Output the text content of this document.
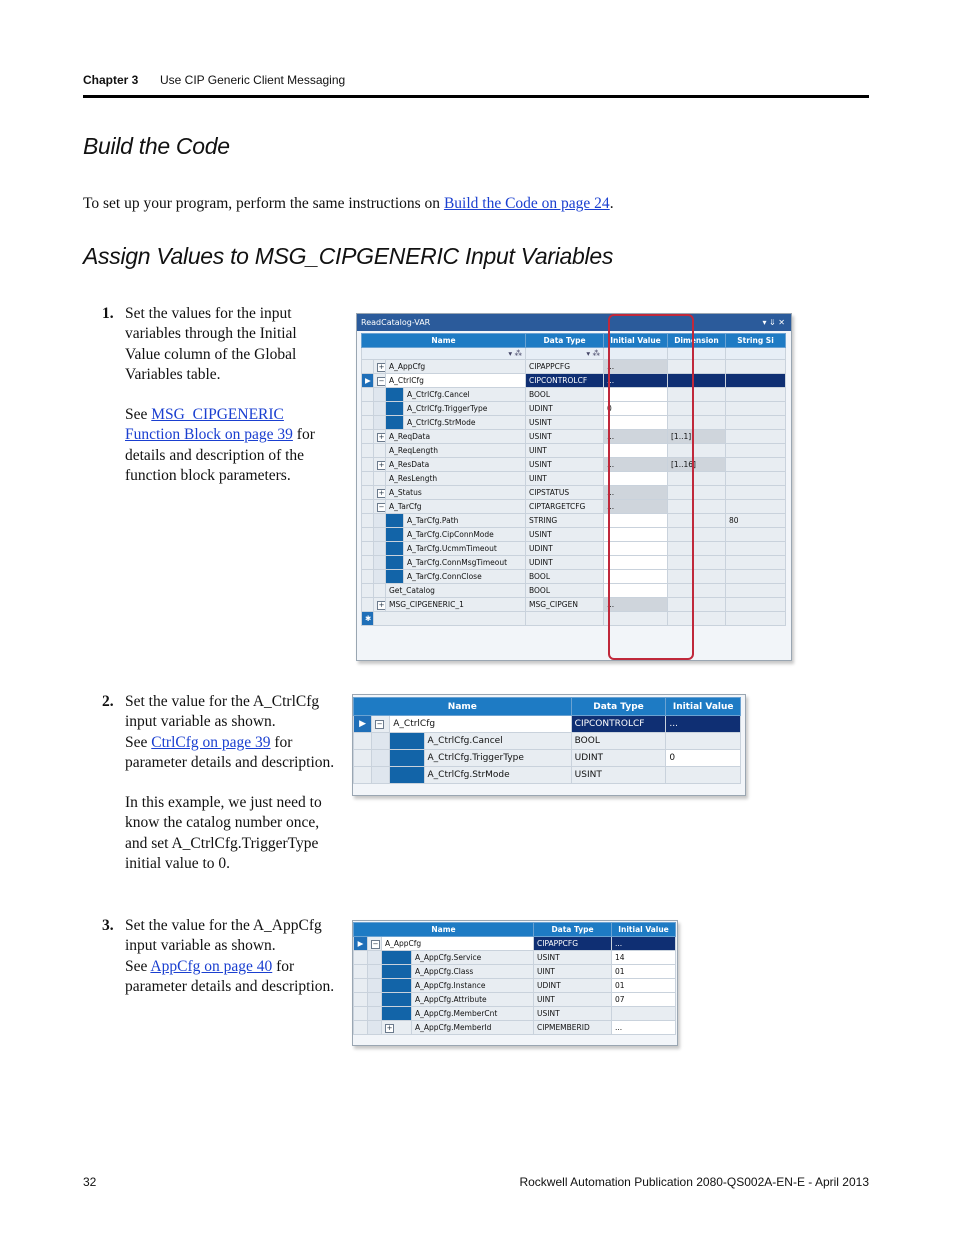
Chapter 3 Use CIP Generic Client Messaging
Build the Code
To set up your program, perform the same instructions on Build the Code on page 24.
Assign Values to MSG_CIPGENERIC Input Variables
1. Set the values for the input variables through the Initial Value column of the Global Variables table.

See MSG_CIPGENERIC Function Block on page 39 for details and description of the function block parameters.

2. Set the value for the A_CtrlCfg input variable as shown.

See CtrlCfg on page 39 for parameter details and description.

In this example, we just need to know the catalog number once, and set A_CtrlCfg.TriggerType initial value to 0.

3. Set the value for the A_AppCfg input variable as shown.

See AppCfg on page 40 for parameter details and description.

ReadCatalog-VAR	▾ ⇓ ✕
Name				Data Type	Initial Value	Dimension	String Si
▾ ⁂				▾ ⁂			
	+	A_AppCfg		CIPAPPCFG	...		
▶	−	A_CtrlCfg		CIPCONTROLCF	...		
			A_CtrlCfg.Cancel	BOOL			
			A_CtrlCfg.TriggerType	UDINT	0		
			A_CtrlCfg.StrMode	USINT			
	+	A_ReqData		USINT	...	[1..1]	
		A_ReqLength		UINT			
	+	A_ResData		USINT	...	[1..16]	
		A_ResLength		UINT			
	+	A_Status		CIPSTATUS	...		
	−	A_TarCfg		CIPTARGETCFG	...		
			A_TarCfg.Path	STRING			80
			A_TarCfg.CipConnMode	USINT			
			A_TarCfg.UcmmTimeout	UDINT			
			A_TarCfg.ConnMsgTimeout	UDINT			
			A_TarCfg.ConnClose	BOOL			
		Get_Catalog		BOOL			
	+	MSG_CIPGENERIC_1		MSG_CIPGEN	...		
✱							
Name				Data Type	Initial Value
▶	−	A_CtrlCfg		CIPCONTROLCF	...
			A_CtrlCfg.Cancel	BOOL	
			A_CtrlCfg.TriggerType	UDINT	0
			A_CtrlCfg.StrMode	USINT	
Name				Data Type	Initial Value
▶	−	A_AppCfg		CIPAPPCFG	...
			A_AppCfg.Service	USINT	14
			A_AppCfg.Class	UINT	01
			A_AppCfg.Instance	UDINT	01
			A_AppCfg.Attribute	UINT	07
			A_AppCfg.MemberCnt	USINT	
		+	A_AppCfg.MemberId	CIPMEMBERID	...
32	Rockwell Automation Publication 2080-QS002A-EN-E - April 2013
